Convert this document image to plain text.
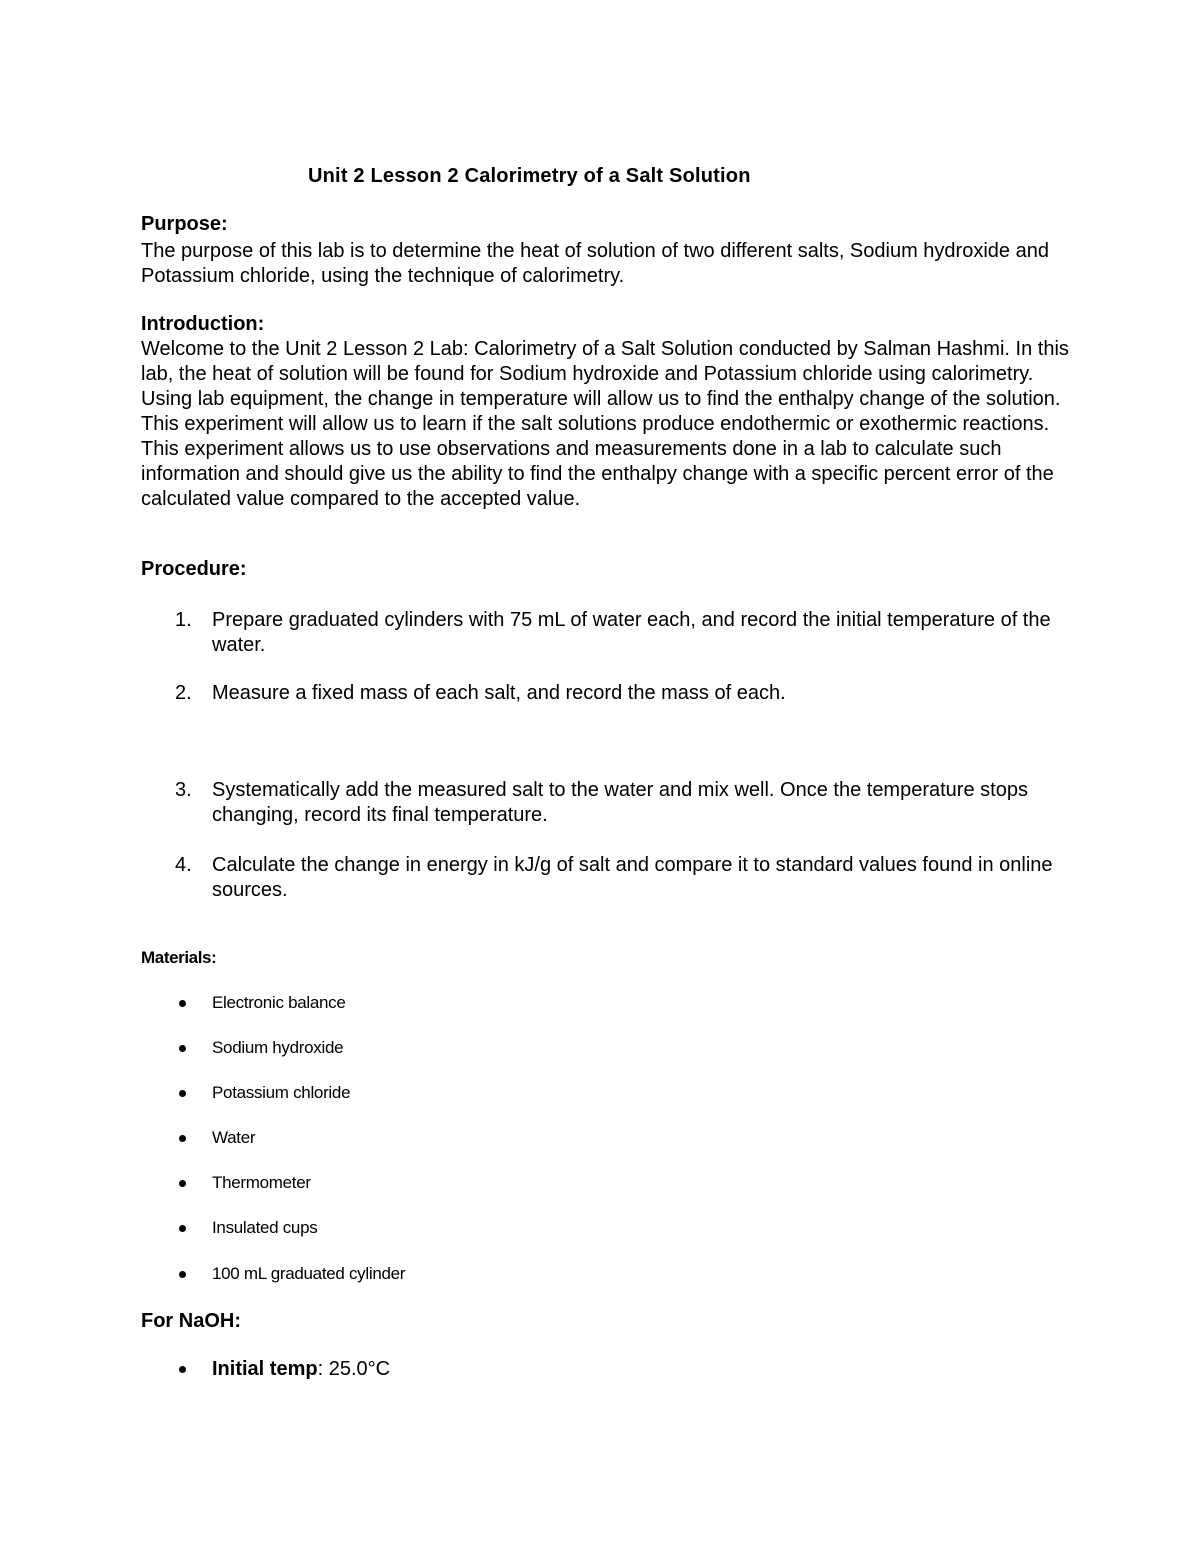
Unit 2 Lesson 2 Calorimetry of a Salt Solution
Purpose:
The purpose of this lab is to determine the heat of solution of two different salts, Sodium hydroxide and Potassium chloride, using the technique of calorimetry.
Introduction:
Welcome to the Unit 2 Lesson 2 Lab: Calorimetry of a Salt Solution conducted by Salman Hashmi. In this lab, the heat of solution will be found for Sodium hydroxide and Potassium chloride using calorimetry. Using lab equipment, the change in temperature will allow us to find the enthalpy change of the solution. This experiment will allow us to learn if the salt solutions produce endothermic or exothermic reactions. This experiment allows us to use observations and measurements done in a lab to calculate such information and should give us the ability to find the enthalpy change with a specific percent error of the calculated value compared to the accepted value.
Procedure:
1. Prepare graduated cylinders with 75 mL of water each, and record the initial temperature of the water.
2. Measure a fixed mass of each salt, and record the mass of each.
3. Systematically add the measured salt to the water and mix well. Once the temperature stops changing, record its final temperature.
4. Calculate the change in energy in kJ/g of salt and compare it to standard values found in online sources.
Materials:
Electronic balance
Sodium hydroxide
Potassium chloride
Water
Thermometer
Insulated cups
100 mL graduated cylinder
For NaOH:
Initial temp: 25.0°C
